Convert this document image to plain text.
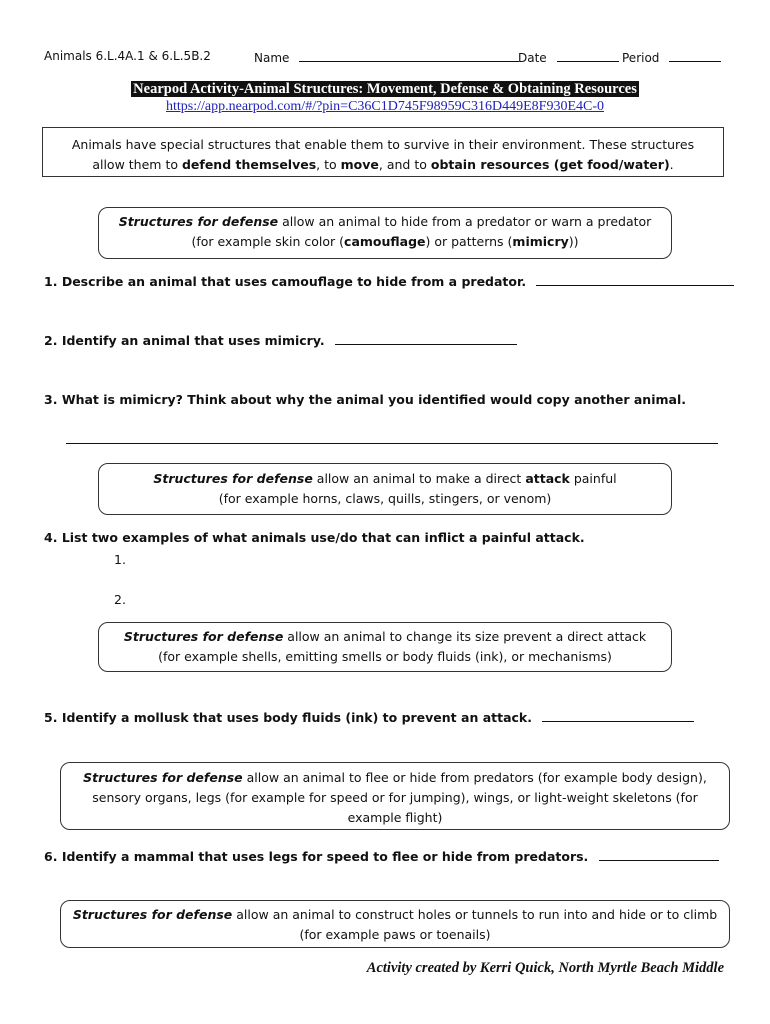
Animals 6.L.4A.1 & 6.L.5B.2	Name	Date	Period
Nearpod Activity-Animal Structures: Movement, Defense & Obtaining Resources
https://app.nearpod.com/#/?pin=C36C1D745F98959C316D449E8F930E4C-0
Animals have special structures that enable them to survive in their environment. These structures
allow them to defend themselves, to move, and to obtain resources (get food/water).
Structures for defense allow an animal to hide from a predator or warn a predator
(for example skin color (camouflage) or patterns (mimicry))
1. Describe an animal that uses camouflage to hide from a predator.
2. Identify an animal that uses mimicry.
3. What is mimicry? Think about why the animal you identified would copy another animal.
Structures for defense allow an animal to make a direct attack painful
(for example horns, claws, quills, stingers, or venom)
4. List two examples of what animals use/do that can inflict a painful attack.
1.
2.
Structures for defense allow an animal to change its size prevent a direct attack
(for example shells, emitting smells or body fluids (ink), or mechanisms)
5. Identify a mollusk that uses body fluids (ink) to prevent an attack.
Structures for defense allow an animal to flee or hide from predators (for example body design),
sensory organs, legs (for example for speed or for jumping), wings, or light-weight skeletons (for
example flight)
6. Identify a mammal that uses legs for speed to flee or hide from predators.
Structures for defense allow an animal to construct holes or tunnels to run into and hide or to climb
(for example paws or toenails)
Activity created by Kerri Quick, North Myrtle Beach Middle
